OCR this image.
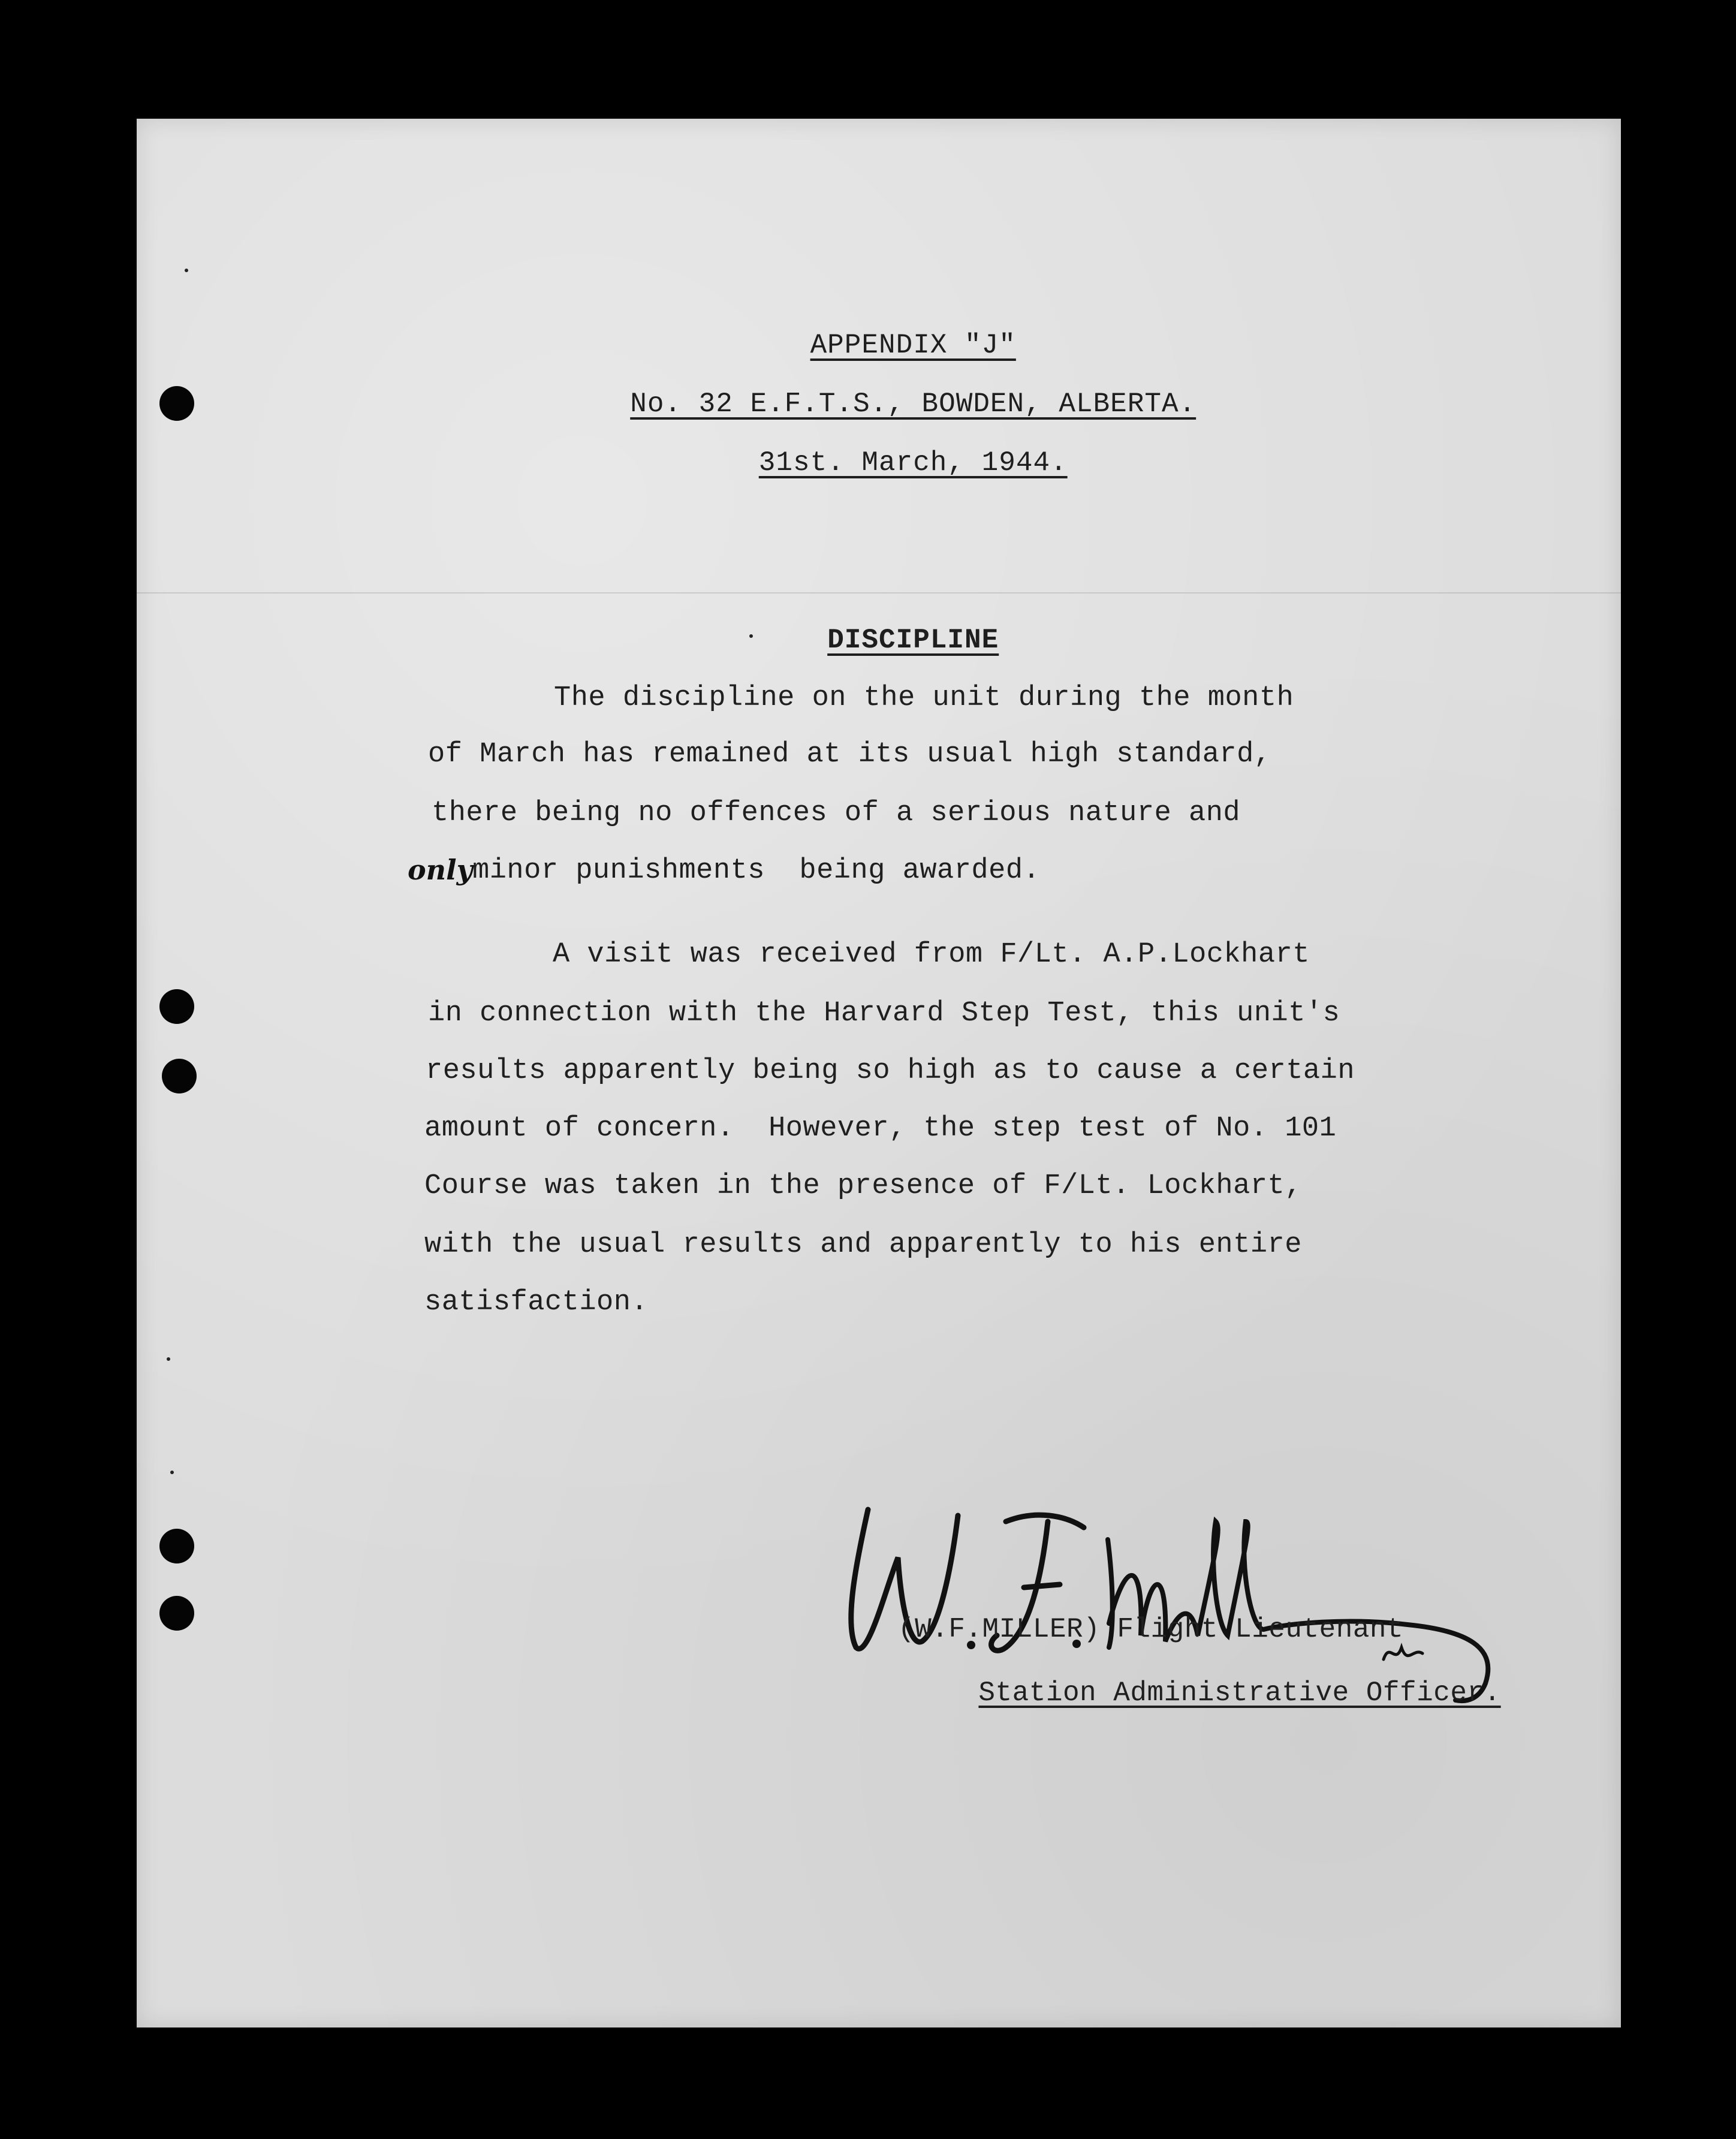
APPENDIX "J"

No. 32 E.F.T.S., BOWDEN, ALBERTA.

31st. March, 1944.

DISCIPLINE

The discipline on the unit during the month
of March has remained at its usual high standard,
there being no offences of a serious nature and
only minor punishments  being awarded.
A visit was received from F/Lt. A.P.Lockhart
in connection with the Harvard Step Test, this unit's
results apparently being so high as to cause a certain
amount of concern.  However, the step test of No. 101
Course was taken in the presence of F/Lt. Lockhart,
with the usual results and apparently to his entire
satisfaction.
(W.F.MILLER) Flight Lieutenant

Station Administrative Officer.
